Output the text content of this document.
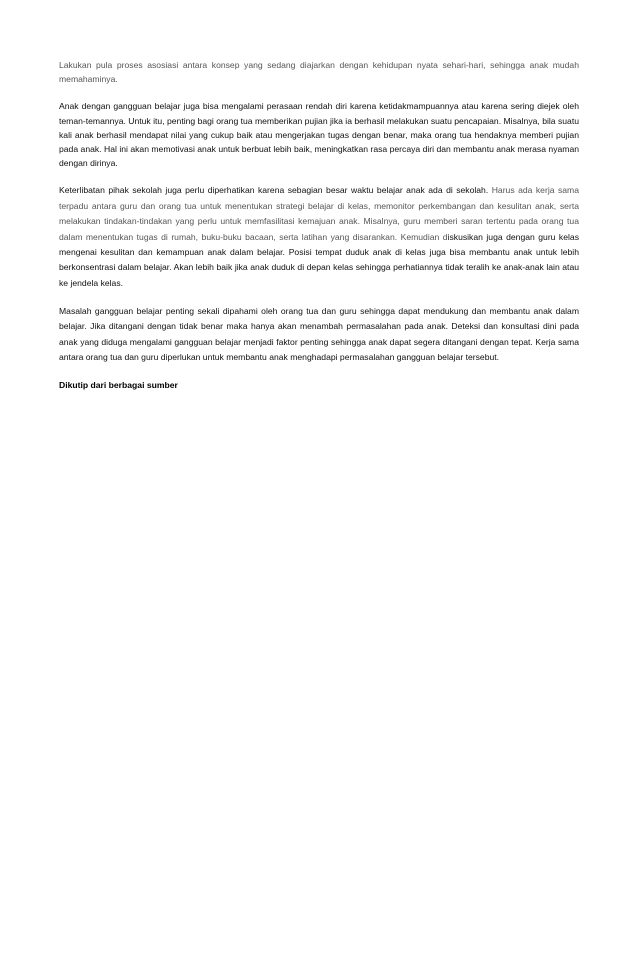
Lakukan pula proses asosiasi antara konsep yang sedang diajarkan dengan kehidupan nyata sehari-hari, sehingga anak mudah memahaminya.

Anak dengan gangguan belajar juga bisa mengalami perasaan rendah diri karena ketidakmampuannya atau karena sering diejek oleh teman-temannya. Untuk itu, penting bagi orang tua memberikan pujian jika ia berhasil melakukan suatu pencapaian. Misalnya, bila suatu kali anak berhasil mendapat nilai yang cukup baik atau mengerjakan tugas dengan benar, maka orang tua hendaknya memberi pujian pada anak. Hal ini akan memotivasi anak untuk berbuat lebih baik, meningkatkan rasa percaya diri dan membantu anak merasa nyaman dengan dirinya.

Keterlibatan pihak sekolah juga perlu diperhatikan karena sebagian besar waktu belajar anak ada di sekolah. Harus ada kerja sama terpadu antara guru dan orang tua untuk menentukan strategi belajar di kelas, memonitor perkembangan dan kesulitan anak, serta melakukan tindakan-tindakan yang perlu untuk memfasilitasi kemajuan anak. Misalnya, guru memberi saran tertentu pada orang tua dalam menentukan tugas di rumah, buku-buku bacaan, serta latihan yang disarankan. Kemudian diskusikan juga dengan guru kelas mengenai kesulitan dan kemampuan anak dalam belajar. Posisi tempat duduk anak di kelas juga bisa membantu anak untuk lebih berkonsentrasi dalam belajar. Akan lebih baik jika anak duduk di depan kelas sehingga perhatiannya tidak teralih ke anak-anak lain atau ke jendela kelas.

Masalah gangguan belajar penting sekali dipahami oleh orang tua dan guru sehingga dapat mendukung dan membantu anak dalam belajar. Jika ditangani dengan tidak benar maka hanya akan menambah permasalahan pada anak. Deteksi dan konsultasi dini pada anak yang diduga mengalami gangguan belajar menjadi faktor penting sehingga anak dapat segera ditangani dengan tepat. Kerja sama antara orang tua dan guru diperlukan untuk membantu anak menghadapi permasalahan gangguan belajar tersebut.

Dikutip dari berbagai sumber
